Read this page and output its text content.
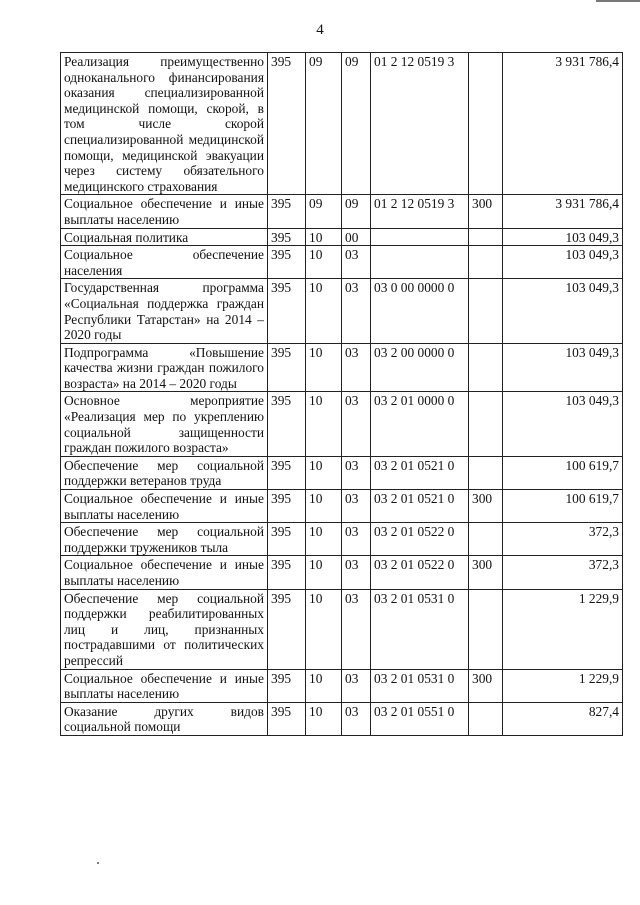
4
Реализация преимущественно одноканального финансирования оказания специализированной медицинской помощи, скорой, в том числе скорой специализированной медицинской помощи, медицинской эвакуации через систему обязательного медицинского страхования	395	09	09	01 2 12 0519 3		3 931 786,4
Социальное обеспечение и иные выплаты населению	395	09	09	01 2 12 0519 3	300	3 931 786,4
Социальная политика	395	10	00			103 049,3
Социальное обеспечение населения	395	10	03			103 049,3
Государственная программа «Социальная поддержка граждан Республики Татарстан» на 2014 – 2020 годы	395	10	03	03 0 00 0000 0		103 049,3
Подпрограмма «Повышение качества жизни граждан пожилого возраста» на 2014 – 2020 годы	395	10	03	03 2 00 0000 0		103 049,3
Основное мероприятие «Реализация мер по укреплению социальной защищенности граждан пожилого возраста»	395	10	03	03 2 01 0000 0		103 049,3
Обеспечение мер социальной поддержки ветеранов труда	395	10	03	03 2 01 0521 0		100 619,7
Социальное обеспечение и иные выплаты населению	395	10	03	03 2 01 0521 0	300	100 619,7
Обеспечение мер социальной поддержки тружеников тыла	395	10	03	03 2 01 0522 0		372,3
Социальное обеспечение и иные выплаты населению	395	10	03	03 2 01 0522 0	300	372,3
Обеспечение мер социальной поддержки реабилитированных лиц и лиц, признанных пострадавшими от политических репрессий	395	10	03	03 2 01 0531 0		1 229,9
Социальное обеспечение и иные выплаты населению	395	10	03	03 2 01 0531 0	300	1 229,9
Оказание других видов социальной помощи	395	10	03	03 2 01 0551 0		827,4
